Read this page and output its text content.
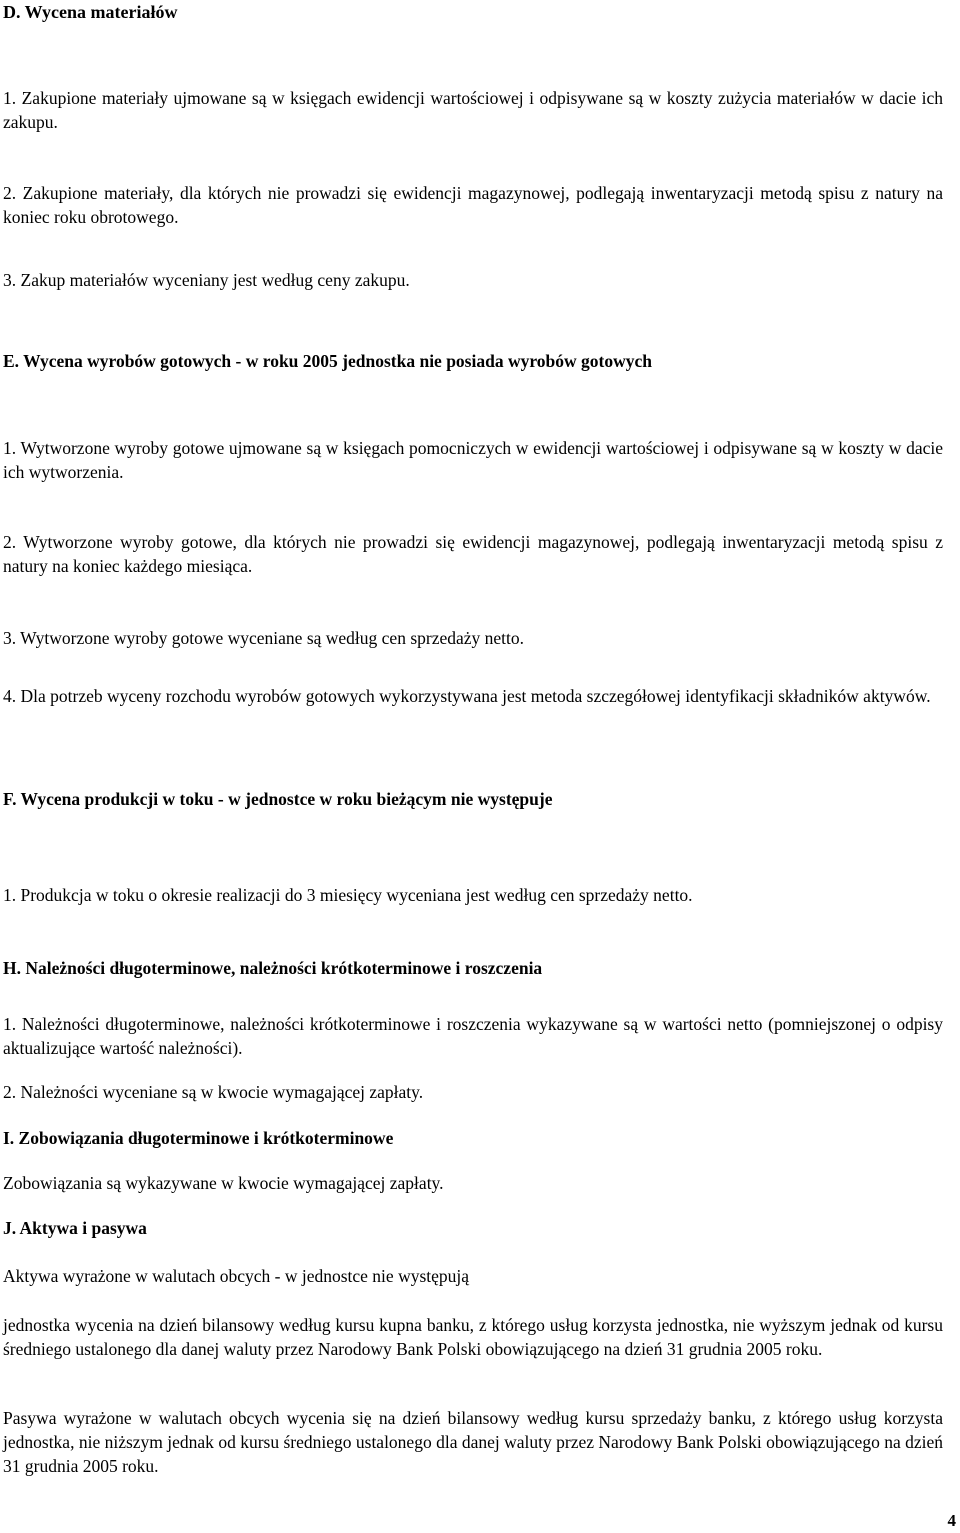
D. Wycena materiałów

1. Zakupione materiały ujmowane są w księgach ewidencji wartościowej i odpisywane są w koszty zużycia materiałów w dacie ich zakupu.

2. Zakupione materiały, dla których nie prowadzi się ewidencji magazynowej, podlegają inwentaryzacji metodą spisu z natury na koniec roku obrotowego.

3. Zakup materiałów wyceniany jest według ceny zakupu.

E. Wycena wyrobów gotowych - w roku 2005 jednostka nie posiada wyrobów gotowych

1. Wytworzone wyroby gotowe ujmowane są w księgach pomocniczych w ewidencji wartościowej i odpisywane są w koszty w dacie ich wytworzenia.

2. Wytworzone wyroby gotowe, dla których nie prowadzi się ewidencji magazynowej, podlegają inwentaryzacji metodą spisu z natury na koniec każdego miesiąca.

3. Wytworzone wyroby gotowe wyceniane są według cen sprzedaży netto.

4. Dla potrzeb wyceny rozchodu wyrobów gotowych wykorzystywana jest metoda szczegółowej identyfikacji składników aktywów.

F. Wycena produkcji w toku - w jednostce w roku bieżącym nie występuje

1. Produkcja w toku o okresie realizacji do 3 miesięcy wyceniana jest według cen sprzedaży netto.

H. Należności długoterminowe, należności krótkoterminowe i roszczenia

1. Należności długoterminowe, należności krótkoterminowe i roszczenia wykazywane są w wartości netto (pomniejszonej o odpisy aktualizujące wartość należności).

2. Należności wyceniane są w kwocie wymagającej zapłaty.

I. Zobowiązania długoterminowe i krótkoterminowe

Zobowiązania są wykazywane w kwocie wymagającej zapłaty.

J. Aktywa i pasywa

Aktywa wyrażone w walutach obcych - w jednostce nie występują

jednostka wycenia na dzień bilansowy według kursu kupna banku, z którego usług korzysta jednostka, nie wyższym jednak od kursu średniego ustalonego dla danej waluty przez Narodowy Bank Polski obowiązującego na dzień 31 grudnia 2005 roku.

Pasywa wyrażone w walutach obcych wycenia się na dzień bilansowy według kursu sprzedaży banku, z którego usług korzysta jednostka, nie niższym jednak od kursu średniego ustalonego dla danej waluty przez Narodowy Bank Polski obowiązującego na dzień 31 grudnia 2005 roku.

4
